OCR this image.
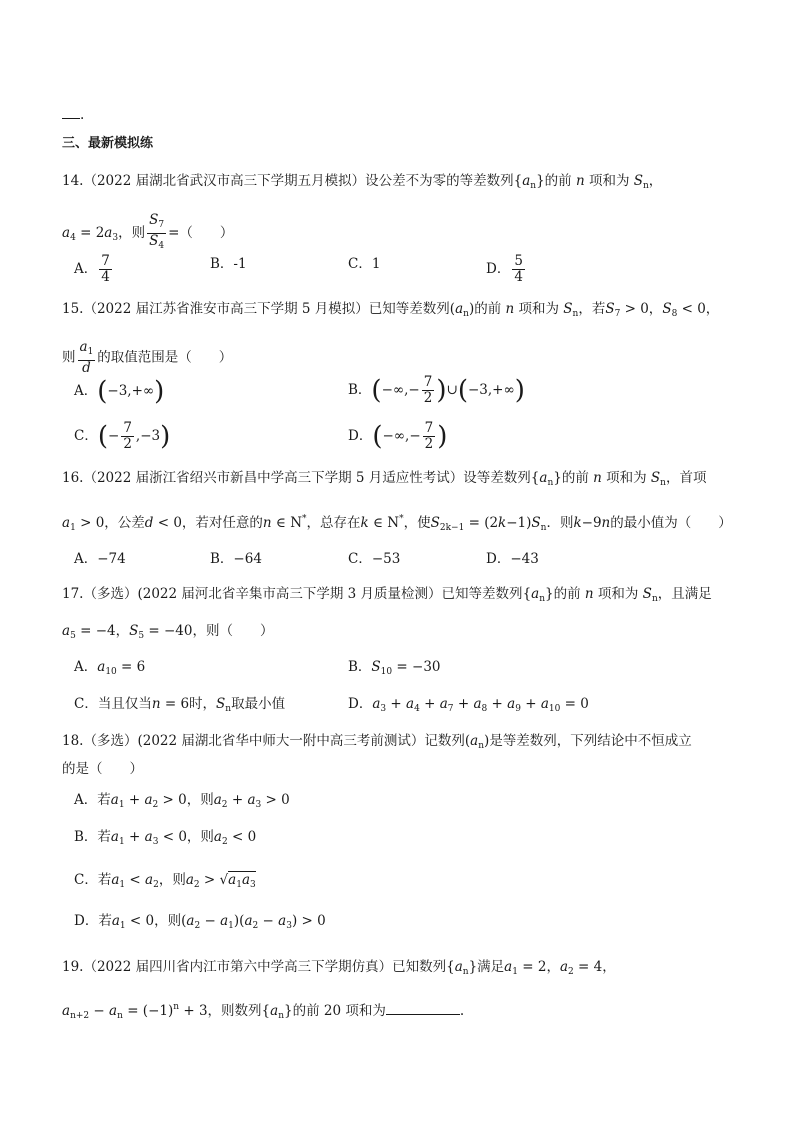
.
三、最新模拟练
14.（2022 届湖北省武汉市高三下学期五月模拟）设公差不为零的等差数列$\{a_n\}$的前 n 项和为 $S_n$，
$a_4 = 2a_3$，则 $\frac{S_7}{S_4}$ =（　　）
A． $\frac{7}{4}$	B．-1	C．1	D． $\frac{5}{4}$
15.（2022 届江苏省淮安市高三下学期 5 月模拟）已知等差数列$(a_n)$的前 n 项和为 $S_n$，若$S_7 > 0$，$S_8 < 0$，
则 $\frac{a_1}{d}$ 的取值范围是（　　）
A．(−3,+∞)	B．(−∞,− $\frac{7}{2}$ )∪(−3,+∞)
C．(− $\frac{7}{2} ,-3$)	D．(−∞,− $\frac{7}{2}$ )
16.（2022 届浙江省绍兴市新昌中学高三下学期 5 月适应性考试）设等差数列$\{a_n\}$的前 n 项和为 $S_n$，首项
$a_1 > 0$，公差d < 0，若对任意的n ∈ N*，总存在k ∈ N*，使$S_{2k-1} = (2k-1)S_n$．则k−9n的最小值为（　　）
A．−74	B．−64	C．−53	D．−43
17.（多选）(2022 届河北省辛集市高三下学期 3 月质量检测）已知等差数列$\{a_n\}$的前 n 项和为 $S_n$，且满足
$a_5 = -4$，$S_5 = -40$，则（　　）
A．$a_{10} = 6$	B．$S_{10} = -30$
C．当且仅当n = 6时，$S_n$取最小值	D．$a_3 + a_4 + a_7 + a_8 + a_9 + a_{10} = 0$
18.（多选）(2022 届湖北省华中师大一附中高三考前测试）记数列$(a_n)$是等差数列，下列结论中不恒成立
的是（　　）
A．若$a_1 + a_2 > 0$，则$a_2 + a_3 > 0$
B．若$a_1 + a_3 < 0$，则$a_2 < 0$
C．若$a_1 < a_2$，则$a_2 > √a_1a_3$
D．若$a_1 < 0$，则$(a_2 - a_1)(a_2 - a_3) > 0$
19.（2022 届四川省内江市第六中学高三下学期仿真）已知数列$\{a_n\}$满足$a_1 = 2$，$a_2 = 4$，
$a_{n+2} - a_n = (-1)^n + 3$，则数列$\{a_n\}$的前 20 项和为	.
